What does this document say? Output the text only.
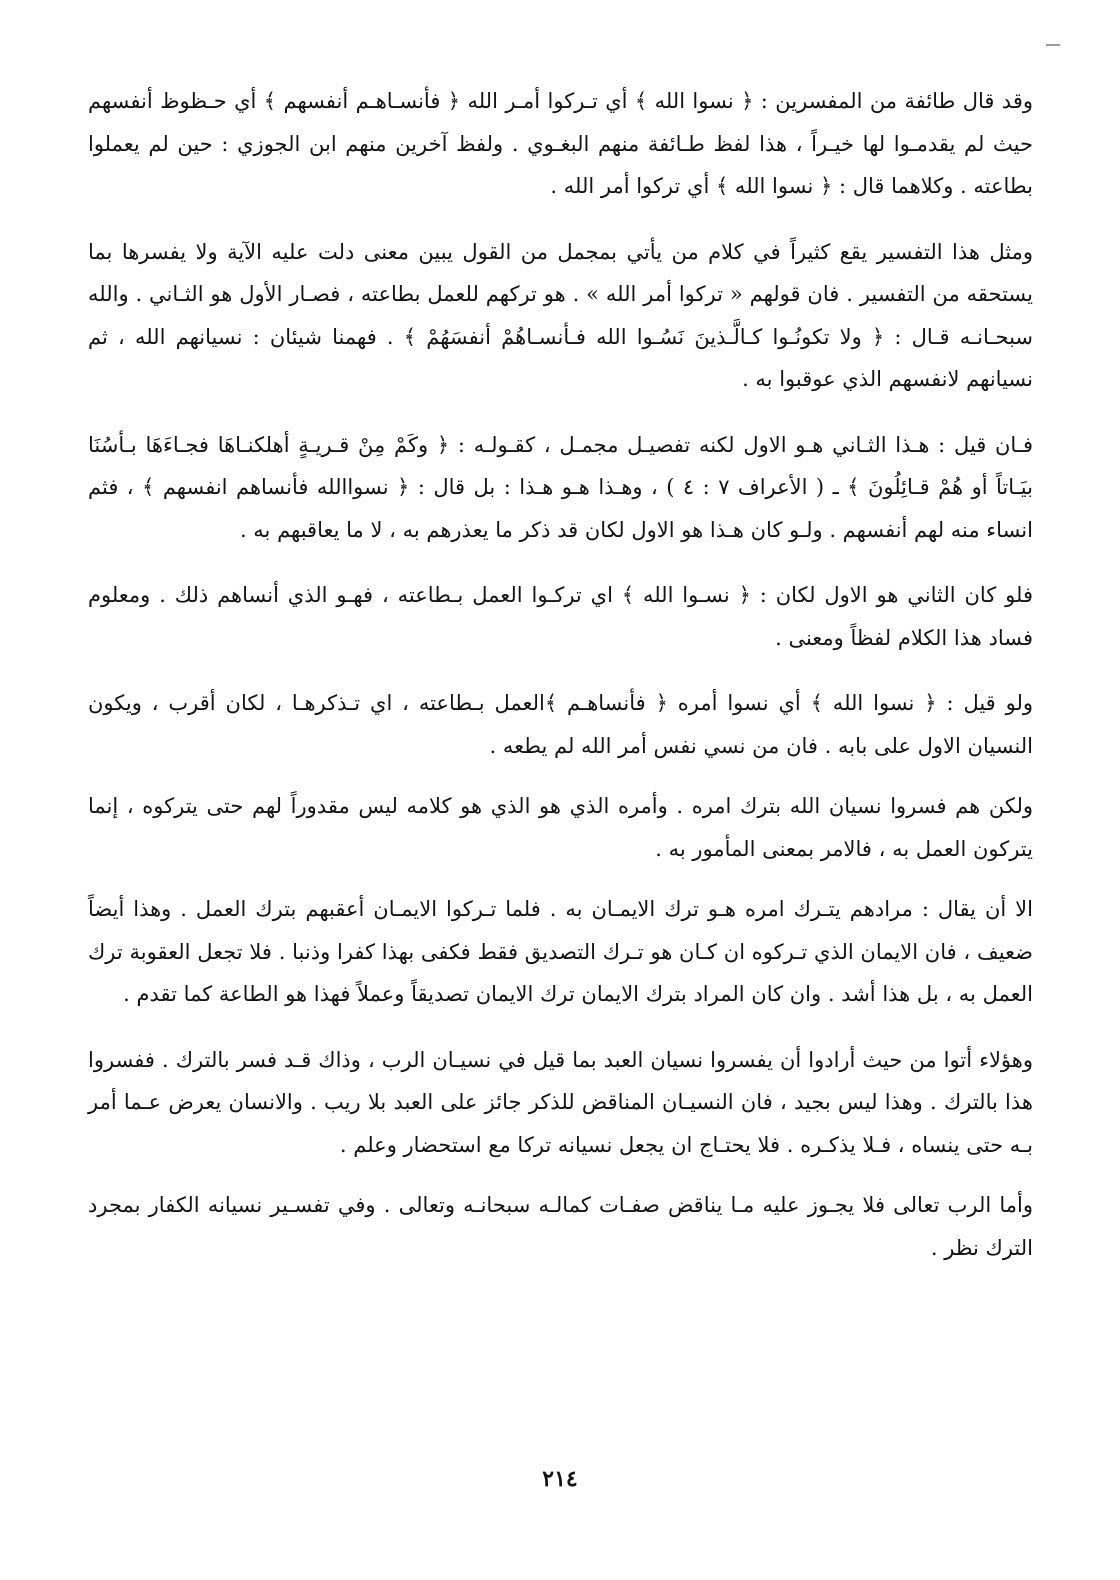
وقد قال طائفة من المفسرين : ﴿ نسوا الله ﴾ أي تـركوا أمـر الله ﴿ فأنسـاهـم أنفسهم ﴾ أي حـظوظ أنفسهم حيث لم يقدمـوا لها خيـراً ، هذا لفظ طـائفة منهم البغـوي . ولفظ آخرين منهم ابن الجوزي : حين لم يعملوا بطاعته . وكلاهما قال : ﴿ نسوا الله ﴾ أي تركوا أمر الله .

ومثل هذا التفسير يقع كثيراً في كلام من يأتي بمجمل من القول يبين معنى دلت عليه الآية ولا يفسرها بما يستحقه من التفسير . فان قولهم « تركوا أمر الله » . هو تركهم للعمل بطاعته ، فصـار الأول هو الثـاني . والله سبحـانـه قـال : ﴿ ولا تكونُـوا كـالَّـذينَ نَسُـوا الله فـأنسـاهُمْ أنفسَهُمْ ﴾ . فهمنا شيئان : نسيانهم الله ، ثم نسيانهم لانفسهم الذي عوقبوا به .

فـان قيل : هـذا الثـاني هـو الاول لكنه تفصيـل مجمـل ، كقـولـه : ﴿ وكَمْ مِنْ قـريـةٍ أهلكنـاهَا فجـاءَهَا بـأسُنَا بيَـاتاً أو هُمْ قـائِلُونَ ﴾ ـ ( الأعراف ٧ : ٤ ) ، وهـذا هـو هـذا : بل قال : ﴿ نسواالله فأنساهم انفسهم ﴾ ، فثم انساء منه لهم أنفسهم . ولـو كان هـذا هو الاول لكان قد ذكر ما يعذرهم به ، لا ما يعاقبهم به .

فلو كان الثاني هو الاول لكان : ﴿ نسـوا الله ﴾ اي تركـوا العمل بـطاعته ، فهـو الذي أنساهم ذلك . ومعلوم فساد هذا الكلام لفظاً ومعنى .

ولو قيل : ﴿ نسوا الله ﴾ أي نسوا أمره ﴿ فأنساهـم ﴾العمل بـطاعته ، اي تـذكرهـا ، لكان أقرب ، ويكون النسيان الاول على بابه . فان من نسي نفس أمر الله لم يطعه .

ولكن هم فسروا نسيان الله بترك امره . وأمره الذي هو الذي هو كلامه ليس مقدوراً لهم حتى يتركوه ، إنما يتركون العمل به ، فالامر بمعنى المأمور به .

الا أن يقال : مرادهم يتـرك امره هـو ترك الايمـان به . فلما تـركوا الايمـان أعقبهم بترك العمل . وهذا أيضاً ضعيف ، فان الايمان الذي تـركوه ان كـان هو تـرك التصديق فقط فكفى بهذا كفرا وذنبا . فلا تجعل العقوبة ترك العمل به ، بل هذا أشد . وان كان المراد بترك الايمان ترك الايمان تصديقاً وعملاً فهذا هو الطاعة كما تقدم .

وهؤلاء أتوا من حيث أرادوا أن يفسروا نسيان العبد بما قيل في نسيـان الرب ، وذاك قـد فسر بالترك . ففسروا هذا بالترك . وهذا ليس بجيد ، فان النسيـان المناقض للذكر جائز على العبد بلا ريب . والانسان يعرض عـما أمر بـه حتى ينساه ، فـلا يذكـره . فلا يحتـاج ان يجعل نسيانه تركا مع استحضار وعلم .

وأما الرب تعالى فلا يجـوز عليه مـا يناقض صفـات كمالـه سبحانـه وتعالى . وفي تفسـير نسيانه الكفار بمجرد الترك نظر .

٢١٤
